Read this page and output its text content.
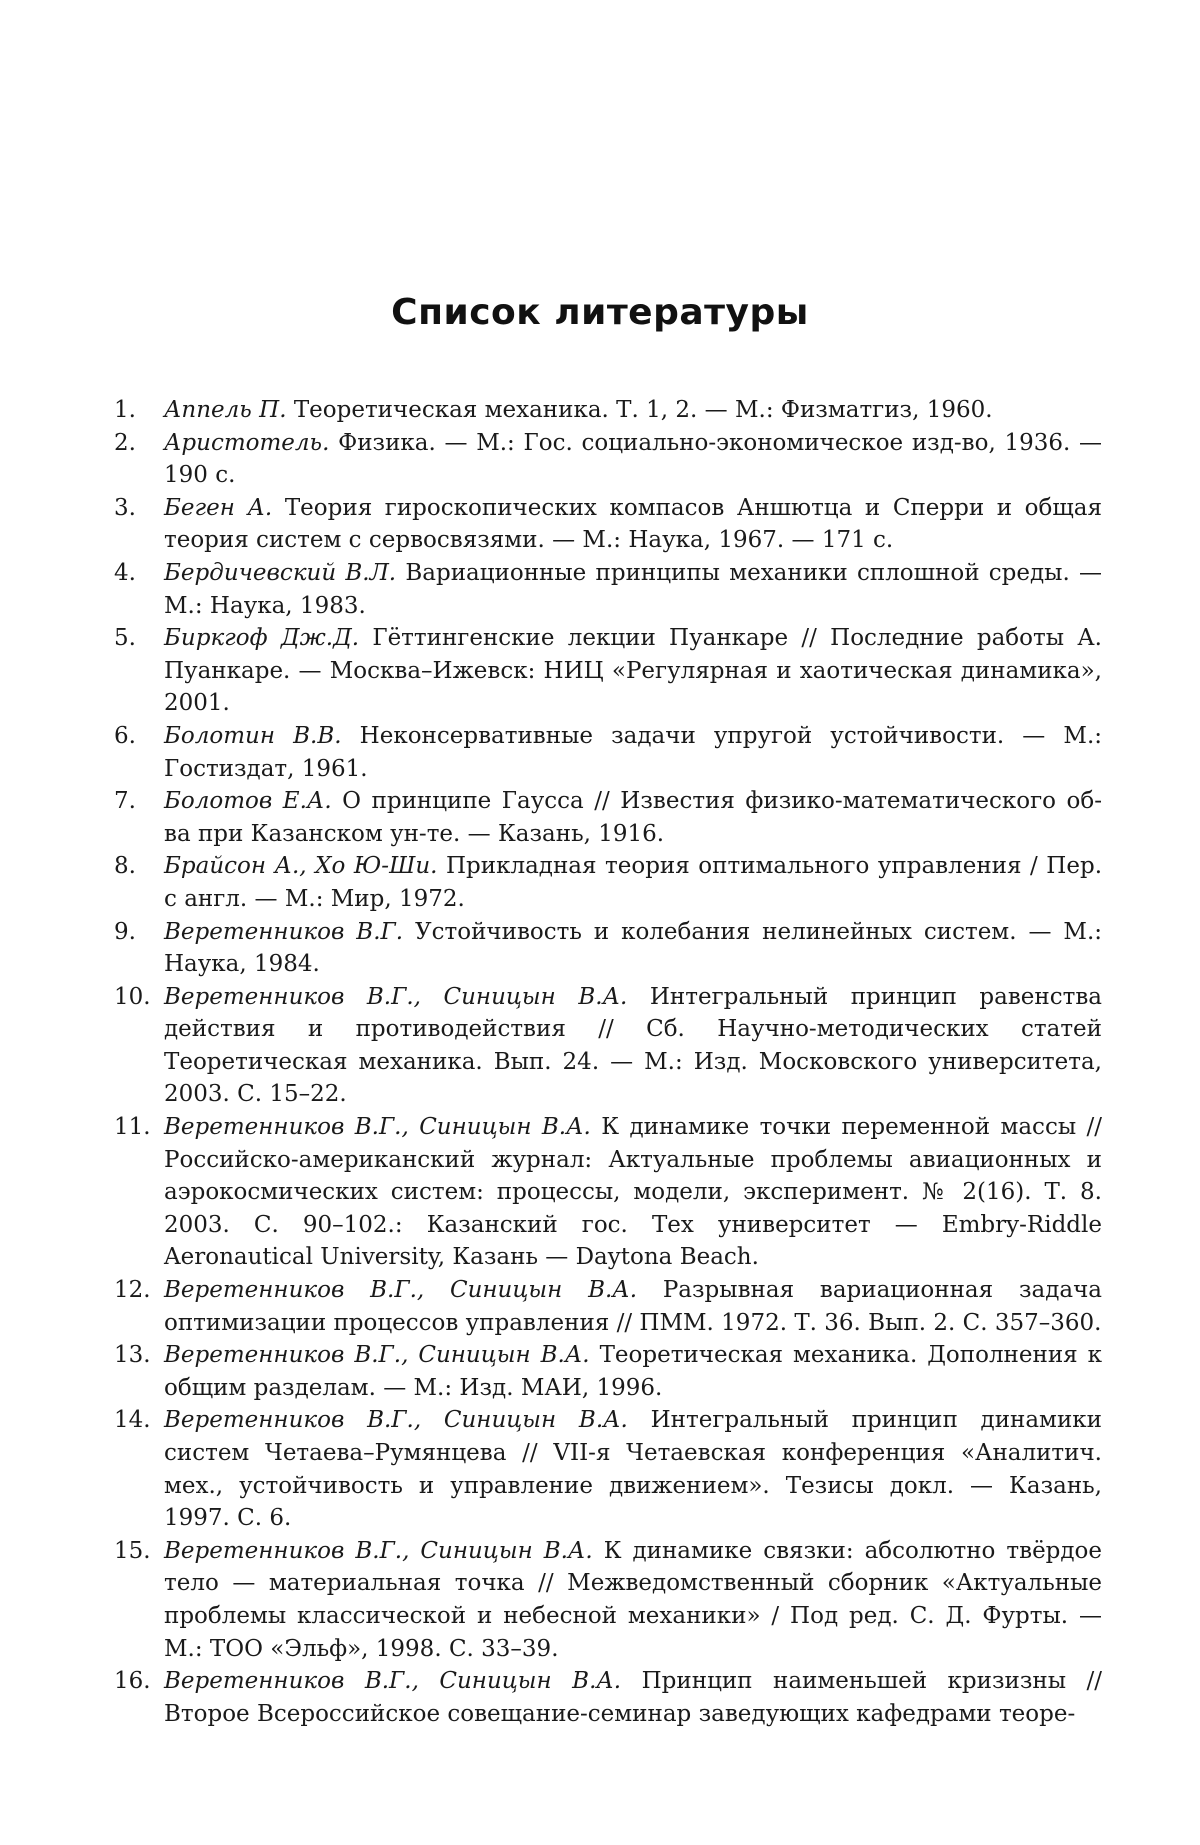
Список литературы
1.	Аппель П. Теоретическая механика. Т. 1, 2. — М.: Физматгиз, 1960.
2.	Аристотель. Физика. — М.: Гос. социально-экономическое изд-во, 1936. — 190 с.
3.	Беген А. Теория гироскопических компасов Аншютца и Сперри и общая теория систем с сервосвязями. — М.: Наука, 1967. — 171 с.
4.	Бердичевский В.Л. Вариационные принципы механики сплошной среды. — М.: Наука, 1983.
5.	Биркгоф Дж.Д. Гёттингенские лекции Пуанкаре // Последние работы А. Пуанкаре. — Москва–Ижевск: НИЦ «Регулярная и хаотическая динамика», 2001.
6.	Болотин В.В. Неконсервативные задачи упругой устойчивости. — М.: Гостиздат, 1961.
7.	Болотов Е.А. О принципе Гаусса // Известия физико-математического об-ва при Казанском ун-те. — Казань, 1916.
8.	Брайсон А., Хо Ю-Ши. Прикладная теория оптимального управления / Пер. с англ. — М.: Мир, 1972.
9.	Веретенников В.Г. Устойчивость и колебания нелинейных систем. — М.: Наука, 1984.
10. Веретенников В.Г., Синицын В.А. Интегральный принцип равенства действия и противодействия // Сб. Научно-методических статей Теоретическая механика. Вып. 24. — М.: Изд. Московского университета, 2003. С. 15–22.
11. Веретенников В.Г., Синицын В.А. К динамике точки переменной массы // Российско-американский журнал: Актуальные проблемы авиационных и аэрокосмических систем: процессы, модели, эксперимент. № 2(16). Т. 8. 2003. С. 90–102.: Казанский гос. Тех университет — Embry-Riddle Aeronautical University, Казань — Daytona Beach.
12. Веретенников В.Г., Синицын В.А. Разрывная вариационная задача оптимизации процессов управления // ПММ. 1972. Т. 36. Вып. 2. С. 357–360.
13. Веретенников В.Г., Синицын В.А. Теоретическая механика. Дополнения к общим разделам. — М.: Изд. МАИ, 1996.
14. Веретенников В.Г., Синицын В.А. Интегральный принцип динамики систем Четаева–Румянцева // VII-я Четаевская конференция «Аналитич. мех., устойчивость и управление движением». Тезисы докл. — Казань, 1997. С. 6.
15. Веретенников В.Г., Синицын В.А. К динамике связки: абсолютно твёрдое тело — материальная точка // Межведомственный сборник «Актуальные проблемы классической и небесной механики» / Под ред. С. Д. Фурты. — М.: ТОО «Эльф», 1998. С. 33–39.
16. Веретенников В.Г., Синицын В.А. Принцип наименьшей кризизны // Второе Всероссийское совещание-семинар заведующих кафедрами теоре-
